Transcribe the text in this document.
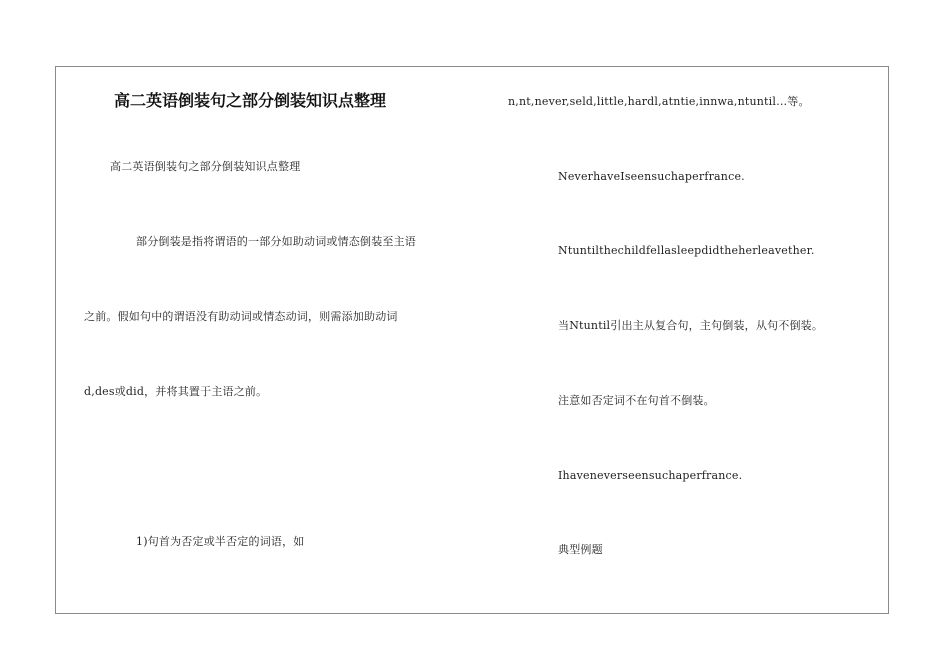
高二英语倒装句之部分倒装知识点整理
高二英语倒装句之部分倒装知识点整理
部分倒装是指将谓语的一部分如助动词或情态倒装至主语
之前。假如句中的谓语没有助动词或情态动词，则需添加助动词
d,des或did，并将其置于主语之前。
1)句首为否定或半否定的词语，如
n,nt,never,seld,little,hardl,atntie,innwa,ntuntil…等。
NeverhaveIseensuchaperfrance.
Ntuntilthechildfellasleepdidtheherleavether.
当Ntuntil引出主从复合句，主句倒装，从句不倒装。
注意如否定词不在句首不倒装。
Ihaveneverseensuchaperfrance.
典型例题
